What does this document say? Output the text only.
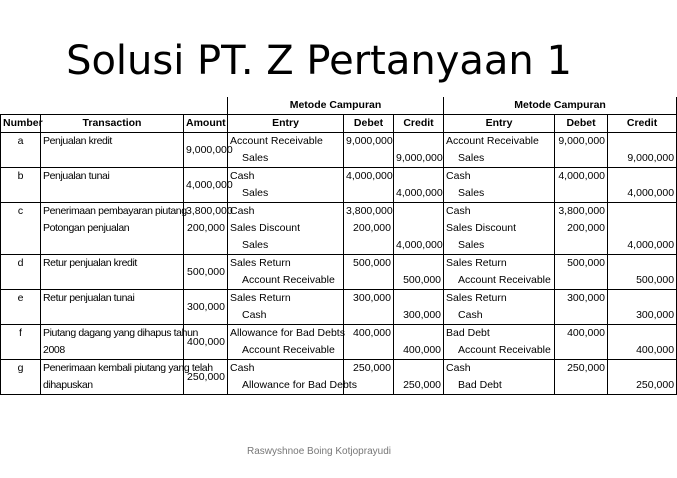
Solusi PT. Z Pertanyaan 1
			Metode Campuran			Metode Campuran		
Number	Transaction	Amount	Entry	Debet	Credit	Entry	Debet	Credit
a	Penjualan kredit	9,000,000	Account Receivable	9,000,000		Account Receivable	9,000,000	
			Sales		9,000,000	Sales		9,000,000
b	Penjualan tunai	4,000,000	Cash	4,000,000		Cash	4,000,000	
			Sales		4,000,000	Sales		4,000,000
c	Penerimaan pembayaran piutang	3,800,000	Cash	3,800,000		Cash	3,800,000	
	Potongan penjualan	200,000	Sales Discount	200,000		Sales Discount	200,000	
			Sales		4,000,000	Sales		4,000,000
d	Retur penjualan kredit	500,000	Sales Return	500,000		Sales Return	500,000	
			Account Receivable		500,000	Account Receivable		500,000
e	Retur penjualan tunai	300,000	Sales Return	300,000		Sales Return	300,000	
			Cash		300,000	Cash		300,000
f	Piutang dagang yang dihapus tahun	400,000	Allowance for Bad Debts	400,000		Bad Debt	400,000	
	2008		Account Receivable		400,000	Account Receivable		400,000
g	Penerimaan kembali piutang yang telah	250,000	Cash	250,000		Cash	250,000	
	dihapuskan		Allowance for Bad Debts		250,000	Bad Debt		250,000
Raswyshnoe Boing Kotjoprayudi
